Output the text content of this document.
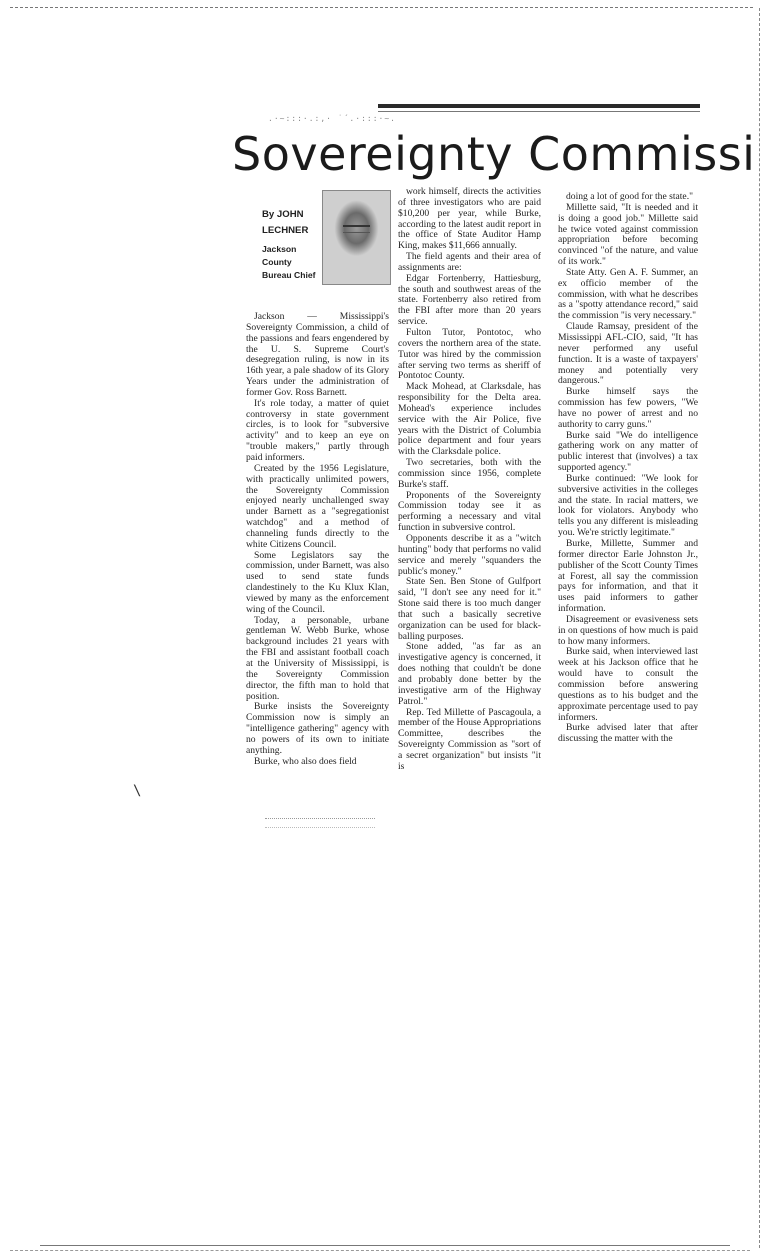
.·~:::·.:,· ˙´.·:::·~.
Sovereignty Commissi
By JOHN
LECHNER
Jackson
County
Bureau Chief

Jackson — Mississippi's Sovereignty Commission, a child of the passions and fears engendered by the U. S. Supreme Court's desegregation ruling, is now in its 16th year, a pale shadow of its Glory Years under the administration of former Gov. Ross Barnett.

It's role today, a matter of quiet controversy in state government circles, is to look for "subversive activity" and to keep an eye on "trouble makers," partly through paid informers.

Created by the 1956 Legislature, with practically unlimited powers, the Sovereignty Commission enjoyed nearly unchallenged sway under Barnett as a "segregationist watchdog" and a method of channeling funds directly to the white Citizens Council.

Some Legislators say the commission, under Barnett, was also used to send state funds clandestinely to the Ku Klux Klan, viewed by many as the enforcement wing of the Council.

Today, a personable, urbane gentleman W. Webb Burke, whose background includes 21 years with the FBI and assistant football coach at the University of Mississippi, is the Sovereignty Commission director, the fifth man to hold that position.

Burke insists the Sovereignty Commission now is simply an "intelligence gathering" agency with no powers of its own to initiate anything.

Burke, who also does field

work himself, directs the activities of three investigators who are paid $10,200 per year, while Burke, according to the latest audit report in the office of State Auditor Hamp King, makes $11,666 annually.

The field agents and their area of assignments are:

Edgar Fortenberry, Hattiesburg, the south and southwest areas of the state. Fortenberry also retired from the FBI after more than 20 years service.

Fulton Tutor, Pontotoc, who covers the northern area of the state. Tutor was hired by the commission after serving two terms as sheriff of Pontotoc County.

Mack Mohead, at Clarksdale, has responsibility for the Delta area. Mohead's experience includes service with the Air Police, five years with the District of Columbia police department and four years with the Clarksdale police.

Two secretaries, both with the commission since 1956, complete Burke's staff.

Proponents of the Sovereignty Commission today see it as performing a necessary and vital function in subversive control.

Opponents describe it as a "witch hunting" body that performs no valid service and merely "squanders the public's money."

State Sen. Ben Stone of Gulfport said, "I don't see any need for it." Stone said there is too much danger that such a basically secretive organization can be used for black-balling purposes.

Stone added, "as far as an investigative agency is concerned, it does nothing that couldn't be done and probably done better by the investigative arm of the Highway Patrol."

Rep. Ted Millette of Pascagoula, a member of the House Appropriations Committee, describes the Sovereignty Commission as "sort of a secret organization" but insists "it is

doing a lot of good for the state."

Millette said, "It is needed and it is doing a good job." Millette said he twice voted against commission appropriation before becoming convinced "of the nature, and value of its work."

State Atty. Gen A. F. Summer, an ex officio member of the commission, with what he describes as a "spotty attendance record," said the commission "is very necessary."

Claude Ramsay, president of the Mississippi AFL-CIO, said, "It has never performed any useful function. It is a waste of taxpayers' money and potentially very dangerous."

Burke himself says the commission has few powers, "We have no power of arrest and no authority to carry guns."

Burke said "We do intelligence gathering work on any matter of public interest that (involves) a tax supported agency."

Burke continued: "We look for subversive activities in the colleges and the state. In racial matters, we look for violators. Anybody who tells you any different is misleading you. We're strictly legitimate."

Burke, Millette, Summer and former director Earle Johnston Jr., publisher of the Scott County Times at Forest, all say the commission pays for information, and that it uses paid informers to gather information.

Disagreement or evasiveness sets in on questions of how much is paid to how many informers.

Burke said, when interviewed last week at his Jackson office that he would have to consult the commission before answering questions as to his budget and the approximate percentage used to pay informers.

Burke advised later that after discussing the matter with the

\
